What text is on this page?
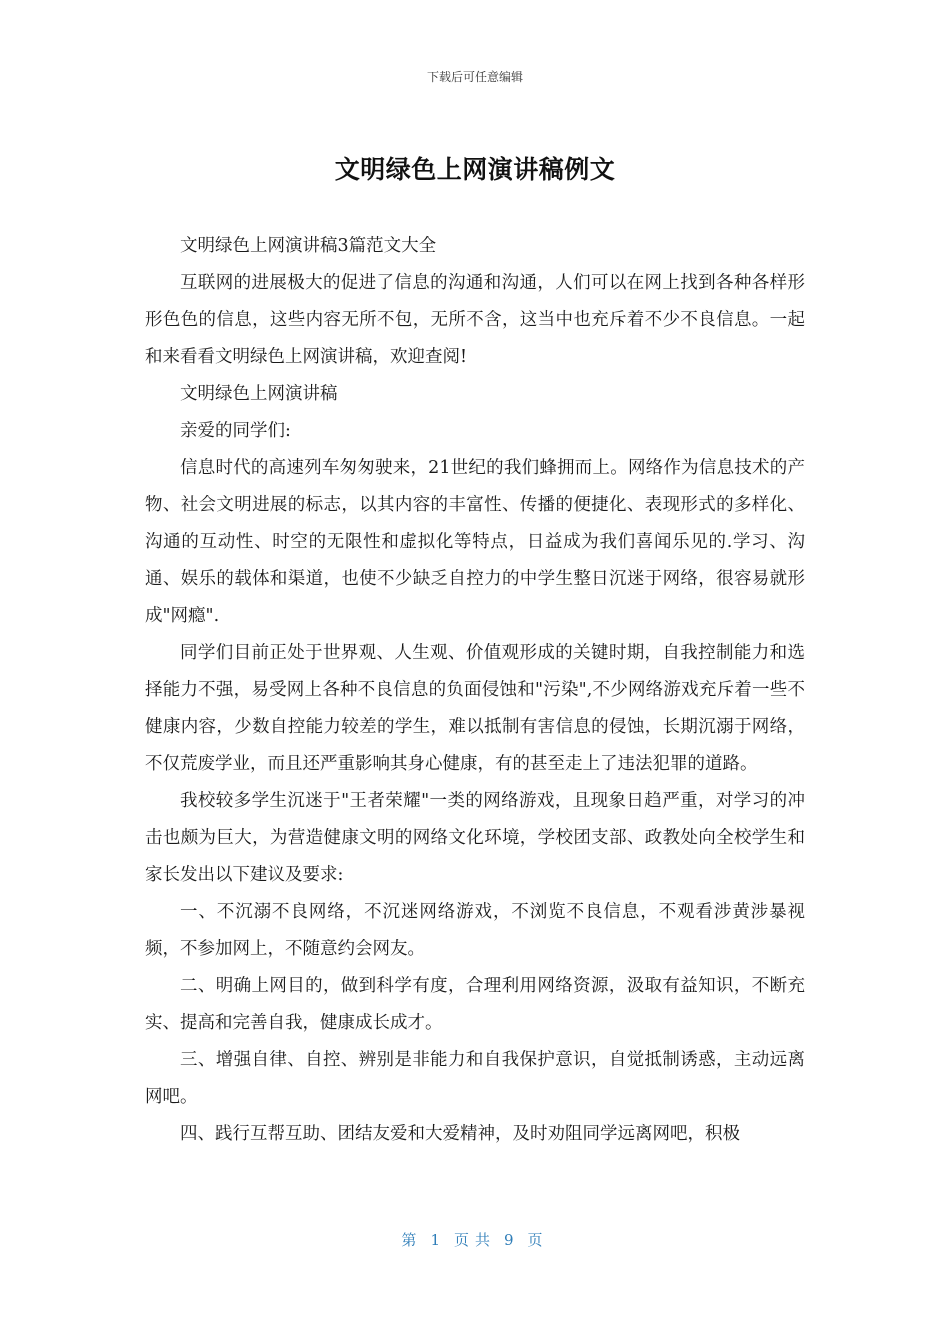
下载后可任意编辑
文明绿色上网演讲稿例文

文明绿色上网演讲稿3篇范文大全

互联网的进展极大的促进了信息的沟通和沟通，人们可以在网上找到各种各样形形色色的信息，这些内容无所不包，无所不含，这当中也充斥着不少不良信息。一起和来看看文明绿色上网演讲稿，欢迎查阅!

文明绿色上网演讲稿

亲爱的同学们:

信息时代的高速列车匆匆驶来，21世纪的我们蜂拥而上。网络作为信息技术的产物、社会文明进展的标志，以其内容的丰富性、传播的便捷化、表现形式的多样化、沟通的互动性、时空的无限性和虚拟化等特点，日益成为我们喜闻乐见的.学习、沟通、娱乐的载体和渠道，也使不少缺乏自控力的中学生整日沉迷于网络，很容易就形成"网瘾".

同学们目前正处于世界观、人生观、价值观形成的关键时期，自我控制能力和选择能力不强，易受网上各种不良信息的负面侵蚀和"污染",不少网络游戏充斥着一些不健康内容，少数自控能力较差的学生，难以抵制有害信息的侵蚀，长期沉溺于网络，不仅荒废学业，而且还严重影响其身心健康，有的甚至走上了违法犯罪的道路。

我校较多学生沉迷于"王者荣耀"一类的网络游戏，且现象日趋严重，对学习的冲击也颇为巨大，为营造健康文明的网络文化环境，学校团支部、政教处向全校学生和家长发出以下建议及要求:

一、不沉溺不良网络，不沉迷网络游戏，不浏览不良信息，不观看涉黄涉暴视频，不参加网上，不随意约会网友。

二、明确上网目的，做到科学有度，合理利用网络资源，汲取有益知识，不断充实、提高和完善自我，健康成长成才。

三、增强自律、自控、辨别是非能力和自我保护意识，自觉抵制诱惑，主动远离网吧。

四、践行互帮互助、团结友爱和大爱精神，及时劝阻同学远离网吧，积极

第 1 页共 9 页
